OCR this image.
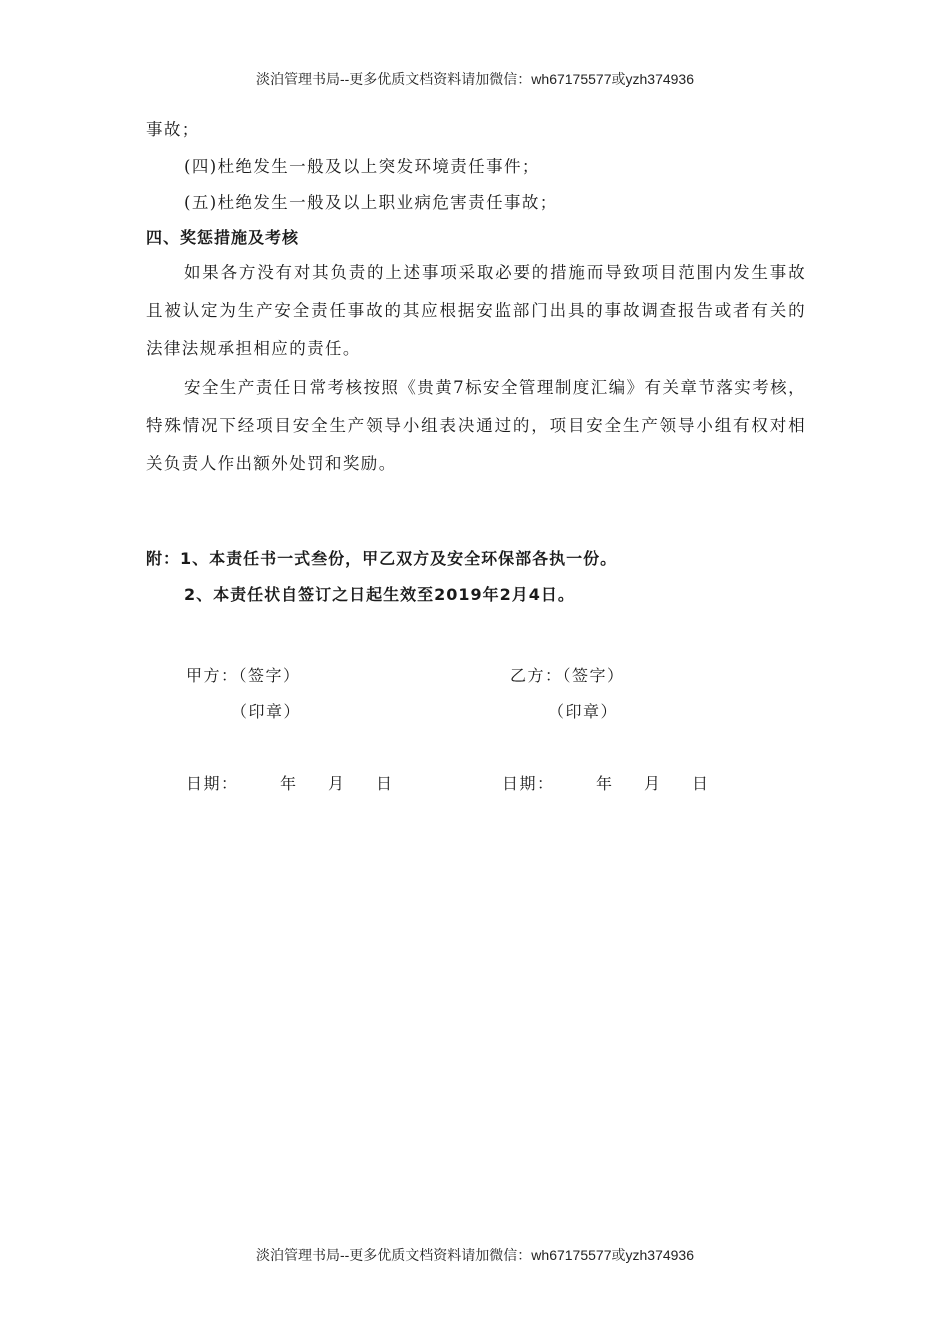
淡泊管理书局--更多优质文档资料请加微信：wh67175577或yzh374936
事故；
(四)杜绝发生一般及以上突发环境责任事件；
(五)杜绝发生一般及以上职业病危害责任事故；
四、奖惩措施及考核
如果各方没有对其负责的上述事项采取必要的措施而导致项目范围内发生事故且被认定为生产安全责任事故的其应根据安监部门出具的事故调查报告或者有关的法律法规承担相应的责任。
安全生产责任日常考核按照《贵黄7标安全管理制度汇编》有关章节落实考核，特殊情况下经项目安全生产领导小组表决通过的，项目安全生产领导小组有权对相关负责人作出额外处罚和奖励。
附：1、本责任书一式叁份，甲乙双方及安全环保部各执一份。
2、本责任状自签订之日起生效至2019年2月4日。
甲方：（签字）	乙方：（签字）
（印章）	（印章）
日期：	年 月 日	日期：	年 月 日
淡泊管理书局--更多优质文档资料请加微信：wh67175577或yzh374936
